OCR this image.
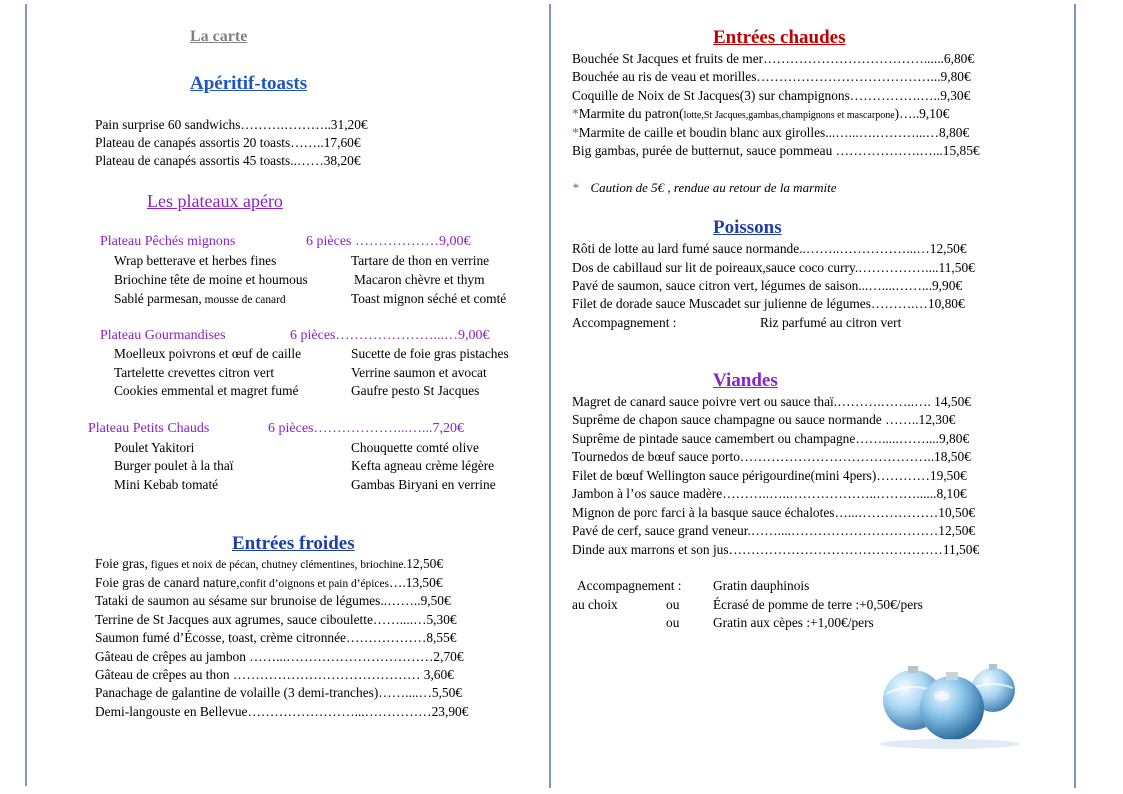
La carte
Apéritif-toasts
Pain surprise 60 sandwichs……….………..31,20€
Plateau de canapés assortis 20 toasts……..17,60€
Plateau de canapés assortis 45 toasts..……38,20€
Les plateaux apéro
Plateau Pêchés mignons	6 pièces ………………9,00€
Wrap betterave et herbes fines	Tartare de thon en verrine
Briochine tête de moine et houmous	Macaron chèvre et thym
Sablé parmesan, mousse de canard	Toast mignon séché et comté
Plateau Gourmandises	6 pièces…………………...…9,00€
Moelleux poivrons et œuf de caille	Sucette de foie gras pistaches
Tartelette crevettes citron vert	Verrine saumon et avocat
Cookies emmental et magret fumé	Gaufre pesto St Jacques
Plateau Petits Chauds	6 pièces………………...…...7,20€
Poulet Yakitori	Chouquette comté olive
Burger poulet à la thaï	Kefta agneau crème légère
Mini Kebab tomaté	Gambas Biryani en verrine
Entrées froides
Foie gras, figues et noix de pécan, chutney clémentines, briochine.12,50€
Foie gras de canard nature,confit d’oignons et pain d’épices….13,50€
Tataki de saumon au sésame sur brunoise de légumes..……..9,50€
Terrine de St Jacques aux agrumes, sauce ciboulette……....…5,30€
Saumon fumé d’Écosse, toast, crème citronnée………………8,55€
Gâteau de crêpes au jambon ……...……………………………2,70€
Gâteau de crêpes au thon …………………………………… 3,60€
Panachage de galantine de volaille (3 demi-tranches)……....…5,50€
Demi-langouste en Bellevue……………………...……………23,90€
Entrées chaudes
Bouchée St Jacques et fruits de mer………………………………......6,80€
Bouchée au ris de veau et morilles…………………………………...9,80€
Coquille de Noix de St Jacques(3) sur champignons…………….…..9,30€
*Marmite du patron(lotte,St Jacques,gambas,champignons et mascarpone)…..9,10€
*Marmite de caille et boudin blanc aux girolles...…...….………...…8,80€
Big gambas, purée de butternut, sauce pommeau ……………….…...15,85€
* Caution de 5€ , rendue au retour de la marmite
Poissons
Rôti de lotte au lard fumé sauce normande..……..……………...…12,50€
Dos de cabillaud sur lit de poireaux,sauce coco curry.……………....11,50€
Pavé de saumon, sauce citron vert, légumes de saison...…....……...9,90€
Filet de dorade sauce Muscadet sur julienne de légumes……….…10,80€
Accompagnement :	Riz parfumé au citron vert
Viandes
Magret de canard sauce poivre vert ou sauce thaï.……….……..…. 14,50€
Suprême de chapon sauce champagne ou sauce normande ……..12,30€
Suprême de pintade sauce camembert ou champagne…….....……....9,80€
Tournedos de bœuf sauce porto……………………………………..18,50€
Filet de bœuf Wellington sauce périgourdine(mini 4pers)…………19,50€
Jambon à l’os sauce madère………..…..………………..………......8,10€
Mignon de porc farci à la basque sauce échalotes…...………………10,50€
Pavé de cerf, sauce grand veneur.……....……………………………12,50€
Dinde aux marrons et son jus…………………………………………11,50€
Accompagnement : Gratin dauphinois
au choix	ou	Écrasé de pomme de terre :+0,50€/pers
ou	Gratin aux cèpes :+1,00€/pers
